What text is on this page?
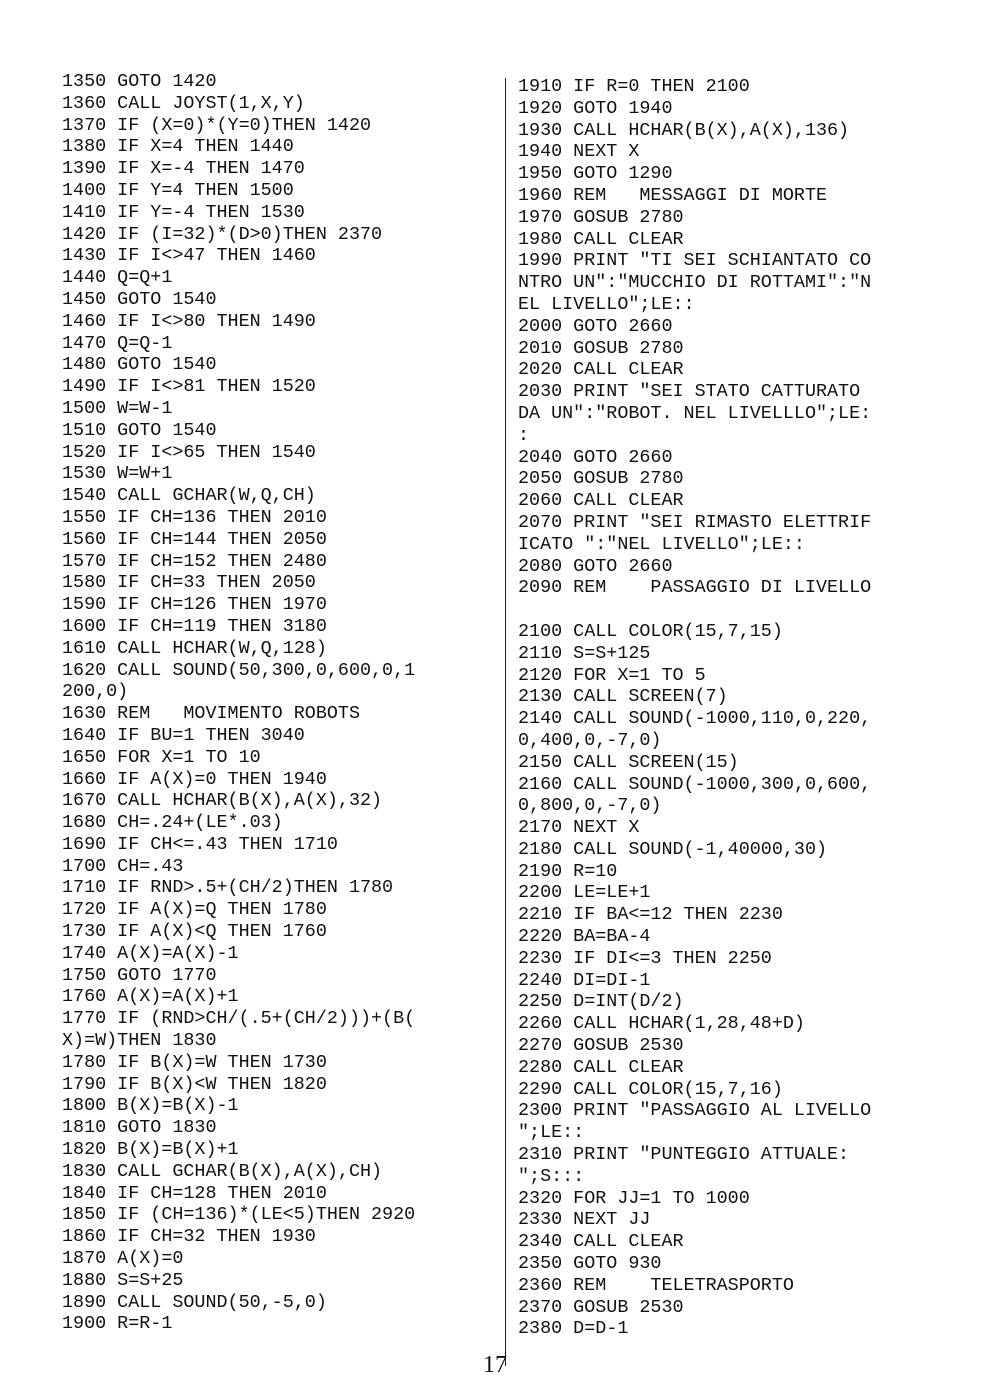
1350 GOTO 1420
1360 CALL JOYST(1,X,Y)
1370 IF (X=0)*(Y=0)THEN 1420
1380 IF X=4 THEN 1440
1390 IF X=-4 THEN 1470
1400 IF Y=4 THEN 1500
1410 IF Y=-4 THEN 1530
1420 IF (I=32)*(D>0)THEN 2370
1430 IF I<>47 THEN 1460
1440 Q=Q+1
1450 GOTO 1540
1460 IF I<>80 THEN 1490
1470 Q=Q-1
1480 GOTO 1540
1490 IF I<>81 THEN 1520
1500 W=W-1
1510 GOTO 1540
1520 IF I<>65 THEN 1540
1530 W=W+1
1540 CALL GCHAR(W,Q,CH)
1550 IF CH=136 THEN 2010
1560 IF CH=144 THEN 2050
1570 IF CH=152 THEN 2480
1580 IF CH=33 THEN 2050
1590 IF CH=126 THEN 1970
1600 IF CH=119 THEN 3180
1610 CALL HCHAR(W,Q,128)
1620 CALL SOUND(50,300,0,600,0,1
200,0)
1630 REM   MOVIMENTO ROBOTS
1640 IF BU=1 THEN 3040
1650 FOR X=1 TO 10
1660 IF A(X)=0 THEN 1940
1670 CALL HCHAR(B(X),A(X),32)
1680 CH=.24+(LE*.03)
1690 IF CH<=.43 THEN 1710
1700 CH=.43
1710 IF RND>.5+(CH/2)THEN 1780
1720 IF A(X)=Q THEN 1780
1730 IF A(X)<Q THEN 1760
1740 A(X)=A(X)-1
1750 GOTO 1770
1760 A(X)=A(X)+1
1770 IF (RND>CH/(.5+(CH/2)))+(B(
X)=W)THEN 1830
1780 IF B(X)=W THEN 1730
1790 IF B(X)<W THEN 1820
1800 B(X)=B(X)-1
1810 GOTO 1830
1820 B(X)=B(X)+1
1830 CALL GCHAR(B(X),A(X),CH)
1840 IF CH=128 THEN 2010
1850 IF (CH=136)*(LE<5)THEN 2920
1860 IF CH=32 THEN 1930
1870 A(X)=0
1880 S=S+25
1890 CALL SOUND(50,-5,0)
1900 R=R-1
1910 IF R=0 THEN 2100
1920 GOTO 1940
1930 CALL HCHAR(B(X),A(X),136)
1940 NEXT X
1950 GOTO 1290
1960 REM   MESSAGGI DI MORTE
1970 GOSUB 2780
1980 CALL CLEAR
1990 PRINT "TI SEI SCHIANTATO CO
NTRO UN":"MUCCHIO DI ROTTAMI":"N
EL LIVELLO";LE::
2000 GOTO 2660
2010 GOSUB 2780
2020 CALL CLEAR
2030 PRINT "SEI STATO CATTURATO
DA UN":"ROBOT. NEL LIVELLLO";LE:
:
2040 GOTO 2660
2050 GOSUB 2780
2060 CALL CLEAR
2070 PRINT "SEI RIMASTO ELETTRIF
ICATO ":"NEL LIVELLO";LE::
2080 GOTO 2660
2090 REM    PASSAGGIO DI LIVELLO

2100 CALL COLOR(15,7,15)
2110 S=S+125
2120 FOR X=1 TO 5
2130 CALL SCREEN(7)
2140 CALL SOUND(-1000,110,0,220,
0,400,0,-7,0)
2150 CALL SCREEN(15)
2160 CALL SOUND(-1000,300,0,600,
0,800,0,-7,0)
2170 NEXT X
2180 CALL SOUND(-1,40000,30)
2190 R=10
2200 LE=LE+1
2210 IF BA<=12 THEN 2230
2220 BA=BA-4
2230 IF DI<=3 THEN 2250
2240 DI=DI-1
2250 D=INT(D/2)
2260 CALL HCHAR(1,28,48+D)
2270 GOSUB 2530
2280 CALL CLEAR
2290 CALL COLOR(15,7,16)
2300 PRINT "PASSAGGIO AL LIVELLO
";LE::
2310 PRINT "PUNTEGGIO ATTUALE:
";S:::
2320 FOR JJ=1 TO 1000
2330 NEXT JJ
2340 CALL CLEAR
2350 GOTO 930
2360 REM    TELETRASPORTO
2370 GOSUB 2530
2380 D=D-1
17
